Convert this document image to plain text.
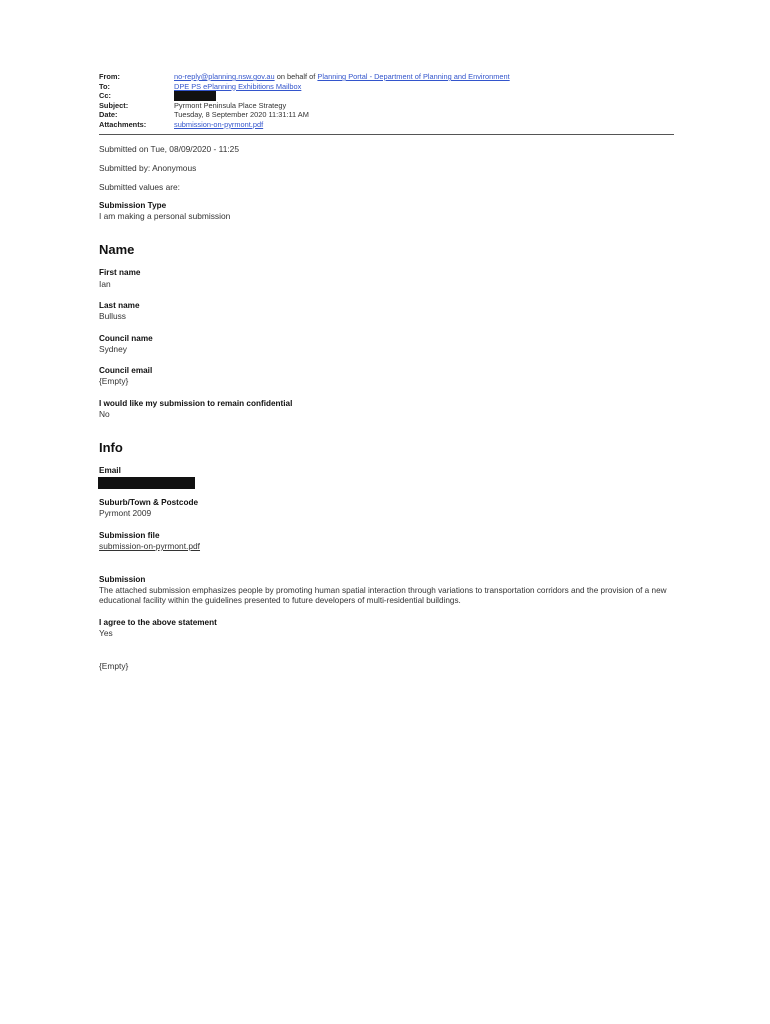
From:	no-reply@planning.nsw.gov.au on behalf of Planning Portal - Department of Planning and Environment
To:	DPE PS ePlanning Exhibitions Mailbox
Cc:
Subject:	Pyrmont Peninsula Place Strategy
Date:	Tuesday, 8 September 2020 11:31:11 AM
Attachments:	submission-on-pyrmont.pdf
Submitted on Tue, 08/09/2020 - 11:25
Submitted by: Anonymous
Submitted values are:
Submission Type
I am making a personal submission
Name
First name
Ian
Last name
Bulluss
Council name
Sydney
Council email
{Empty}
I would like my submission to remain confidential
No
Info
Email
Suburb/Town & Postcode
Pyrmont 2009
Submission file
submission-on-pyrmont.pdf
Submission
The attached submission emphasizes people by promoting human spatial interaction through variations to transportation corridors and the provision of a new educational facility within the guidelines presented to future developers of multi-residential buildings.
I agree to the above statement
Yes
{Empty}
